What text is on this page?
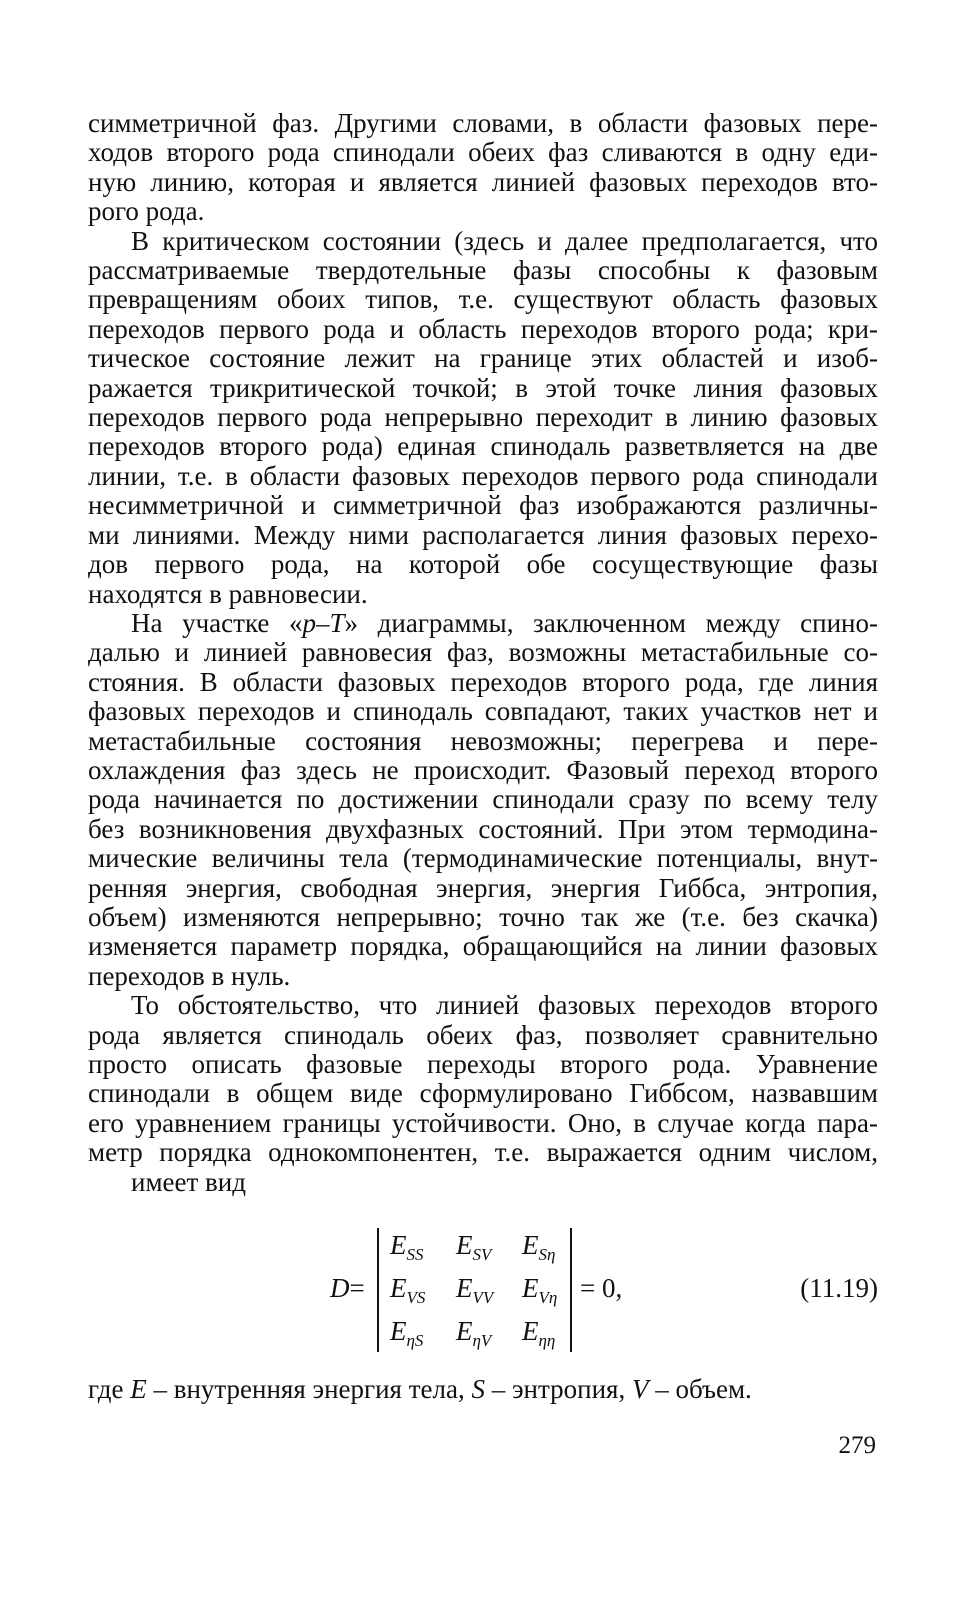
симметричной фаз. Другими словами, в области фазовых пере-
ходов второго рода спинодали обеих фаз сливаются в одну еди-
ную линию, которая и является линией фазовых переходов вто-
рого рода.
В критическом состоянии (здесь и далее предполагается, что
рассматриваемые твердотельные фазы способны к фазовым
превращениям обоих типов, т.е. существуют область фазовых
переходов первого рода и область переходов второго рода; кри-
тическое состояние лежит на границе этих областей и изоб-
ражается трикритической точкой; в этой точке линия фазовых
переходов первого рода непрерывно переходит в линию фазовых
переходов второго рода) единая спинодаль разветвляется на две
линии, т.е. в области фазовых переходов первого рода спинодали
несимметричной и симметричной фаз изображаются различны-
ми линиями. Между ними располагается линия фазовых перехо-
дов первого рода, на которой обе сосуществующие фазы
находятся в равновесии.
На участке «p–T» диаграммы, заключенном между спино-
далью и линией равновесия фаз, возможны метастабильные со-
стояния. В области фазовых переходов второго рода, где линия
фазовых переходов и спинодаль совпадают, таких участков нет и
метастабильные состояния невозможны; перегрева и пере-
охлаждения фаз здесь не происходит. Фазовый переход второго
рода начинается по достижении спинодали сразу по всему телу
без возникновения двухфазных состояний. При этом термодина-
мические величины тела (термодинамические потенциалы, внут-
ренняя энергия, свободная энергия, энергия Гиббса, энтропия,
объем) изменяются непрерывно; точно так же (т.е. без скачка)
изменяется параметр порядка, обращающийся на линии фазовых
переходов в нуль.
То обстоятельство, что линией фазовых переходов второго
рода является спинодаль обеих фаз, позволяет сравнительно
просто описать фазовые переходы второго рода. Уравнение
спинодали в общем виде сформулировано Гиббсом, назвавшим
его уравнением границы устойчивости. Оно, в случае когда пара-
метр порядка однокомпонентен, т.е. выражается одним числом,
имеет вид
D=
$E_{SS}$ $E_{SV}$ $E_{S\eta}$
$E_{VS}$ $E_{VV}$ $E_{V\eta}$
$E_{\eta S}$ $E_{\eta V}$ $E_{\eta\eta}$
= 0,	(11.19)
где E – внутренняя энергия тела, S – энтропия, V – объем.
279
